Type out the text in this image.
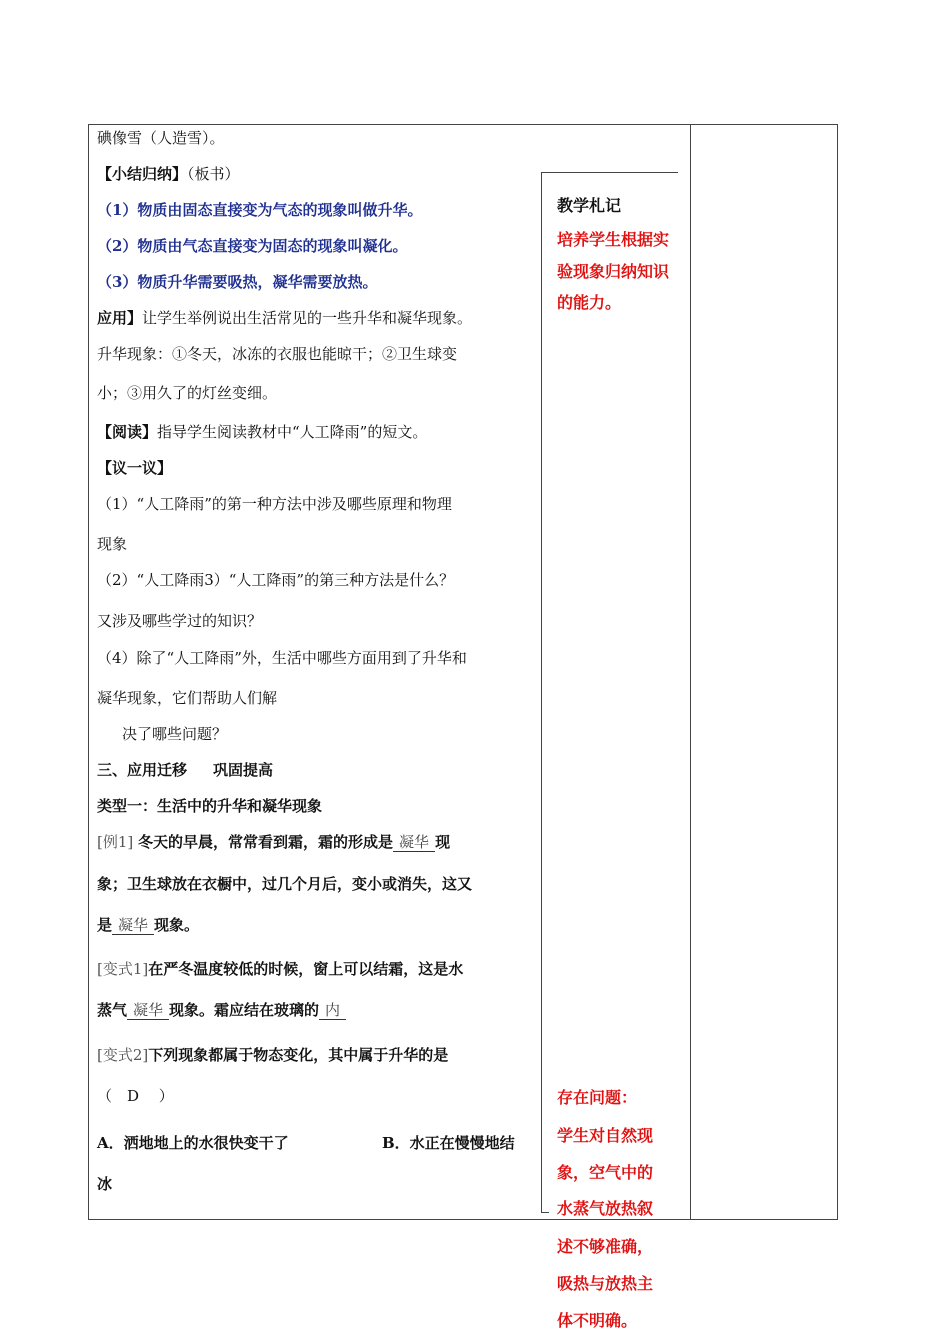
碘像雪（人造雪）。
【小结归纳】（板书）
（1）物质由固态直接变为气态的现象叫做升华。
（2）物质由气态直接变为固态的现象叫凝化。
（3）物质升华需要吸热，凝华需要放热。
应用】让学生举例说出生活常见的一些升华和凝华现象。
升华现象：①冬天，冰冻的衣服也能晾干；②卫生球变
小；③用久了的灯丝变细。
【阅读】指导学生阅读教材中“人工降雨”的短文。
【议一议】
（1）“人工降雨”的第一种方法中涉及哪些原理和物理
现象
（2）“人工降雨3）“人工降雨”的第三种方法是什么？
又涉及哪些学过的知识？
（4）除了“人工降雨”外，生活中哪些方面用到了升华和
凝华现象，它们帮助人们解
决了哪些问题？
三、应用迁移 巩固提高
类型一：生活中的升华和凝华现象
[例1] 冬天的早晨，常常看到霜，霜的形成是 凝华 现
象；卫生球放在衣橱中，过几个月后，变小或消失，这又
是 凝华 现象。
[变式1]在严冬温度较低的时候，窗上可以结霜，这是水
蒸气 凝华 现象。霜应结在玻璃的 内
[变式2]下列现象都属于物态变化，其中属于升华的是
（　D　 ）
A．洒地地上的水很快变干了	B．水正在慢慢地结
冰
教学札记
培养学生根据实
验现象归纳知识
的能力。
存在问题：
学生对自然现
象，空气中的
水蒸气放热叙
述不够准确，
吸热与放热主
体不明确。
